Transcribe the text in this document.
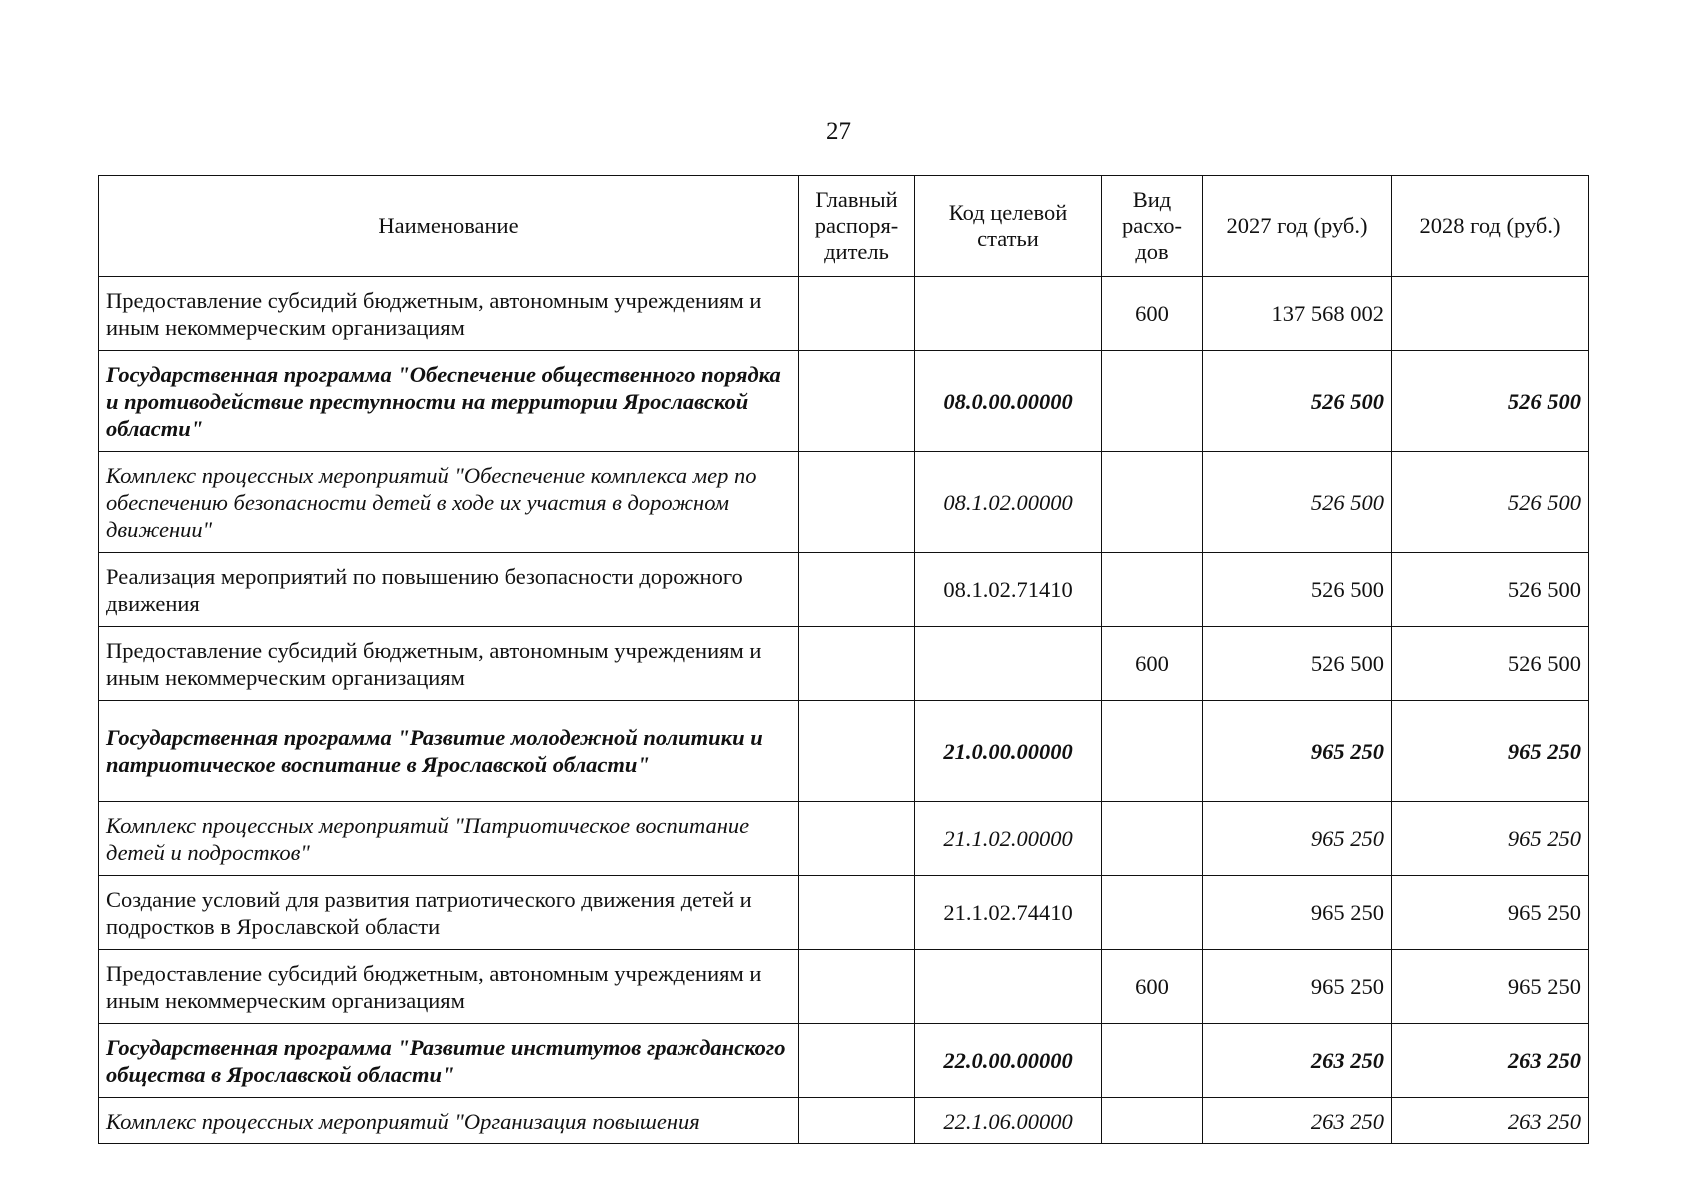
27
Наименование	Главный распоря-дитель	Код целевой статьи	Вид расхо-дов	2027 год (руб.)	2028 год (руб.)
Предоставление субсидий бюджетным, автономным учреждениям и иным некоммерческим организациям			600	137 568 002	
Государственная программа "Обеспечение общественного порядка и противодействие преступности на территории Ярославской области"		08.0.00.00000		526 500	526 500
Комплекс процессных мероприятий "Обеспечение комплекса мер по обеспечению безопасности детей в ходе их участия в дорожном движении"		08.1.02.00000		526 500	526 500
Реализация мероприятий по повышению безопасности дорожного движения		08.1.02.71410		526 500	526 500
Предоставление субсидий бюджетным, автономным учреждениям и иным некоммерческим организациям			600	526 500	526 500
Государственная программа "Развитие молодежной политики и патриотическое воспитание в Ярославской области"		21.0.00.00000		965 250	965 250
Комплекс процессных мероприятий "Патриотическое воспитание детей и подростков"		21.1.02.00000		965 250	965 250
Создание условий для развития патриотического движения детей и подростков в Ярославской области		21.1.02.74410		965 250	965 250
Предоставление субсидий бюджетным, автономным учреждениям и иным некоммерческим организациям			600	965 250	965 250
Государственная программа "Развитие институтов гражданского общества в Ярославской области"		22.0.00.00000		263 250	263 250
Комплекс процессных мероприятий "Организация повышения		22.1.06.00000		263 250	263 250
